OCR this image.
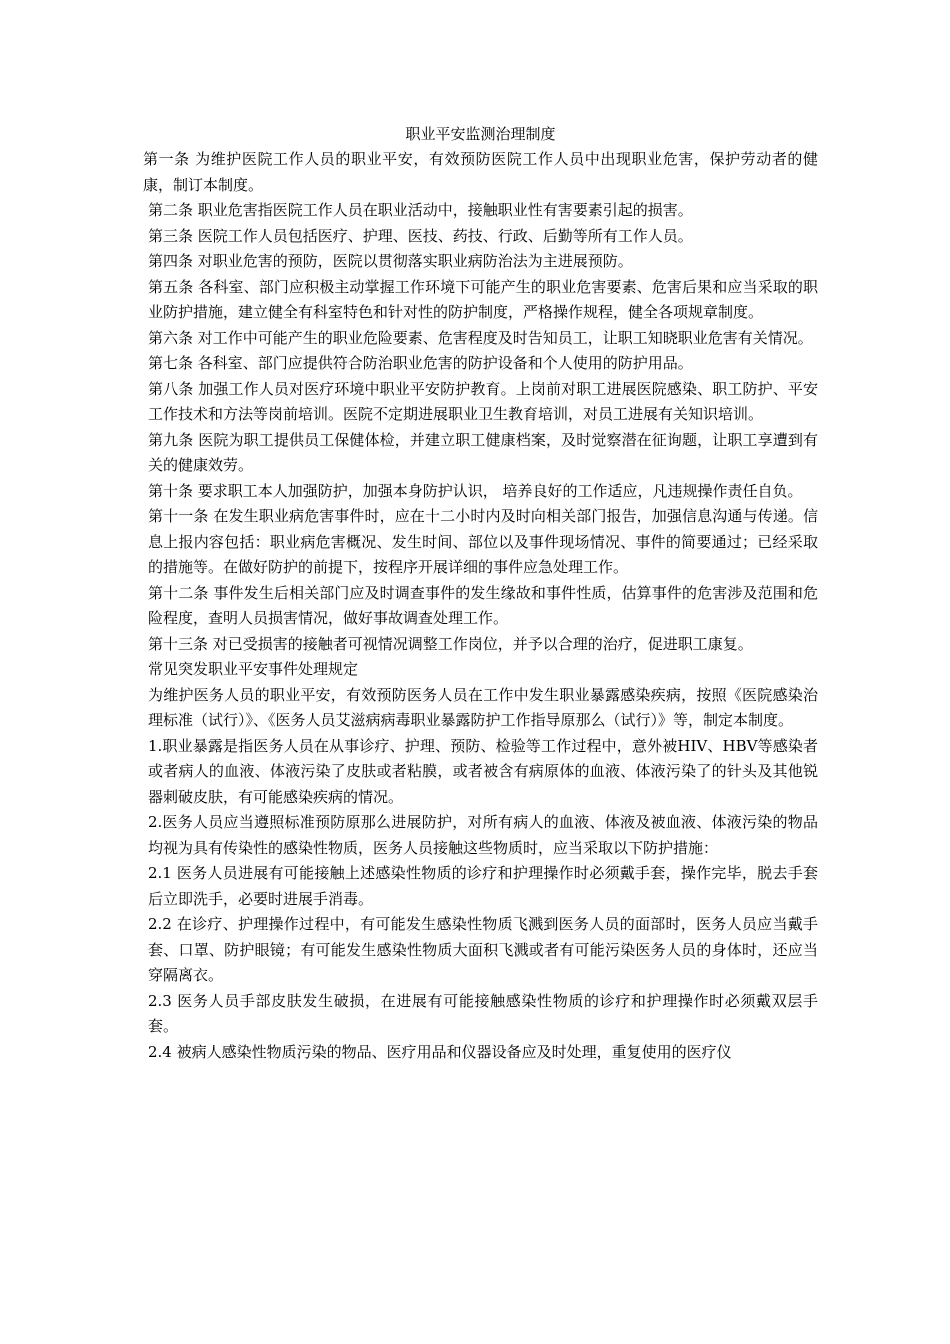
职业平安监测治理制度

第一条 为维护医院工作人员的职业平安，有效预防医院工作人员中出现职业危害，保护劳动者的健康，制订本制度。

第二条 职业危害指医院工作人员在职业活动中，接触职业性有害要素引起的损害。

第三条 医院工作人员包括医疗、护理、医技、药技、行政、后勤等所有工作人员。

第四条 对职业危害的预防，医院以贯彻落实职业病防治法为主进展预防。

第五条 各科室、部门应积极主动掌握工作环境下可能产生的职业危害要素、危害后果和应当采取的职业防护措施，建立健全有科室特色和针对性的防护制度，严格操作规程，健全各项规章制度。

第六条 对工作中可能产生的职业危险要素、危害程度及时告知员工，让职工知晓职业危害有关情况。

第七条 各科室、部门应提供符合防治职业危害的防护设备和个人使用的防护用品。

第八条 加强工作人员对医疗环境中职业平安防护教育。上岗前对职工进展医院感染、职工防护、平安工作技术和方法等岗前培训。医院不定期进展职业卫生教育培训，对员工进展有关知识培训。

第九条 医院为职工提供员工保健体检，并建立职工健康档案，及时觉察潜在征询题，让职工享遭到有关的健康效劳。

第十条 要求职工本人加强防护，加强本身防护认识， 培养良好的工作适应，凡违规操作责任自负。

第十一条 在发生职业病危害事件时，应在十二小时内及时向相关部门报告，加强信息沟通与传递。信息上报内容包括：职业病危害概况、发生时间、部位以及事件现场情况、事件的简要通过；已经采取的措施等。在做好防护的前提下，按程序开展详细的事件应急处理工作。

第十二条 事件发生后相关部门应及时调查事件的发生缘故和事件性质，估算事件的危害涉及范围和危险程度，查明人员损害情况，做好事故调查处理工作。

第十三条 对已受损害的接触者可视情况调整工作岗位，并予以合理的治疗，促进职工康复。

常见突发职业平安事件处理规定

为维护医务人员的职业平安，有效预防医务人员在工作中发生职业暴露感染疾病，按照《医院感染治理标准（试行）》、《医务人员艾滋病病毒职业暴露防护工作指导原那么（试行）》等，制定本制度。

1.职业暴露是指医务人员在从事诊疗、护理、预防、检验等工作过程中，意外被HIV、HBV等感染者或者病人的血液、体液污染了皮肤或者粘膜，或者被含有病原体的血液、体液污染了的针头及其他锐器刺破皮肤，有可能感染疾病的情况。

2.医务人员应当遵照标准预防原那么进展防护，对所有病人的血液、体液及被血液、体液污染的物品均视为具有传染性的感染性物质，医务人员接触这些物质时，应当采取以下防护措施：

2.1 医务人员进展有可能接触上述感染性物质的诊疗和护理操作时必须戴手套，操作完毕，脱去手套后立即洗手，必要时进展手消毒。

2.2 在诊疗、护理操作过程中，有可能发生感染性物质飞溅到医务人员的面部时，医务人员应当戴手套、口罩、防护眼镜；有可能发生感染性物质大面积飞溅或者有可能污染医务人员的身体时，还应当穿隔离衣。

2.3 医务人员手部皮肤发生破损，在进展有可能接触感染性物质的诊疗和护理操作时必须戴双层手套。

2.4 被病人感染性物质污染的物品、医疗用品和仪器设备应及时处理，重复使用的医疗仪
